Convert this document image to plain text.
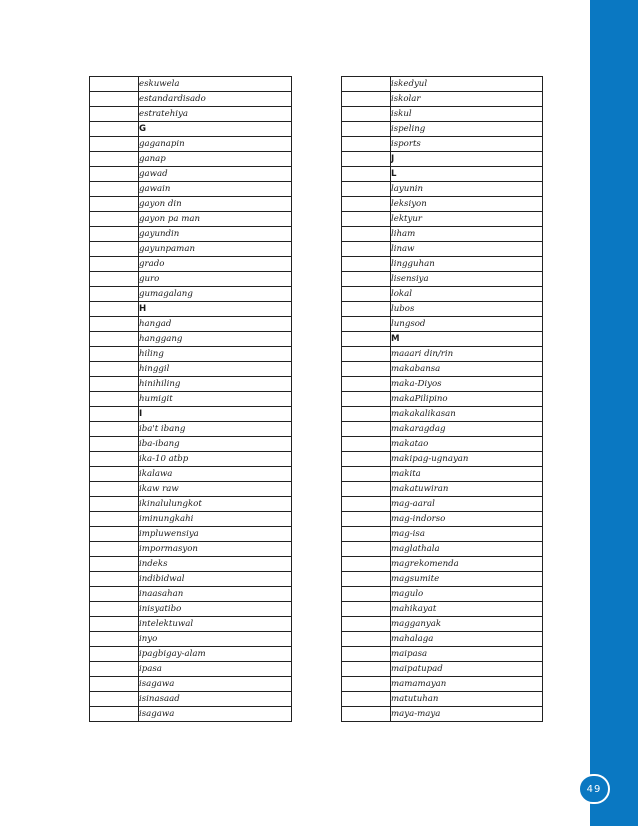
	eskuwela
	estandardisado
	estratehiya
	G
	gaganapin
	ganap
	gawad
	gawain
	gayon din
	gayon pa man
	gayundin
	gayunpaman
	grado
	guro
	gumagalang
	H
	hangad
	hanggang
	hiling
	hinggil
	hinihiling
	humigit
	I
	iba't ibang
	iba-ibang
	ika-10 atbp
	ikalawa
	ikaw raw
	ikinalulungkot
	iminungkahi
	impluwensiya
	impormasyon
	indeks
	indibidwal
	inaasahan
	inisyatibo
	intelektuwal
	inyo
	ipagbigay-alam
	ipasa
	isagawa
	isinasaad
	isagawa
	iskedyul
	iskolar
	iskul
	ispeling
	isports
	J
	L
	layunin
	leksiyon
	lektyur
	liham
	linaw
	lingguhan
	lisensiya
	lokal
	lubos
	lungsod
	M
	maaari din/rin
	makabansa
	maka-Diyos
	makaPilipino
	makakalikasan
	makaragdag
	makatao
	makipag-ugnayan
	makita
	makatuwiran
	mag-aaral
	mag-indorso
	mag-isa
	maglathala
	magrekomenda
	magsumite
	magulo
	mahikayat
	magganyak
	mahalaga
	maipasa
	maipatupad
	mamamayan
	matutuhan
	maya-maya
49
